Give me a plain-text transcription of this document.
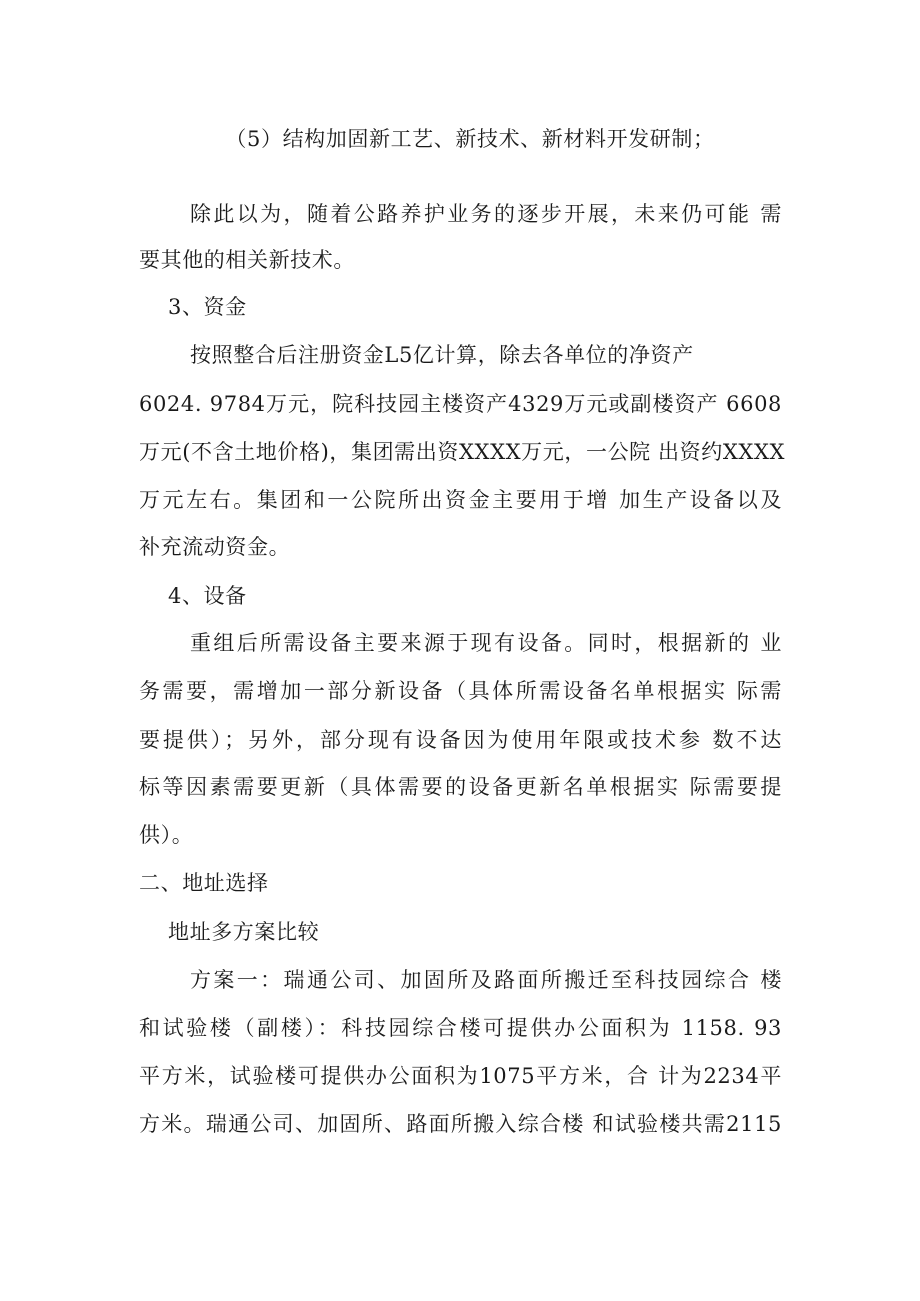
（5）结构加固新工艺、新技术、新材料开发研制；
除此以为，随着公路养护业务的逐步开展，未来仍可能 需
要其他的相关新技术。
3、资金
按照整合后注册资金L5亿计算，除去各单位的净资产
6024. 9784万元，院科技园主楼资产4329万元或副楼资产 6608
万元(不含土地价格)，集团需出资XXXX万元，一公院 出资约XXXX
万元左右。集团和一公院所出资金主要用于增 加生产设备以及
补充流动资金。
4、设备
重组后所需设备主要来源于现有设备。同时，根据新的 业
务需要，需增加一部分新设备（具体所需设备名单根据实 际需
要提供）；另外，部分现有设备因为使用年限或技术参 数不达
标等因素需要更新（具体需要的设备更新名单根据实 际需要提
供）。
二、地址选择
地址多方案比较
方案一：瑞通公司、加固所及路面所搬迁至科技园综合 楼
和试验楼（副楼）：科技园综合楼可提供办公面积为 1158. 93
平方米，试验楼可提供办公面积为1075平方米，合 计为2234平
方米。瑞通公司、加固所、路面所搬入综合楼 和试验楼共需2115
